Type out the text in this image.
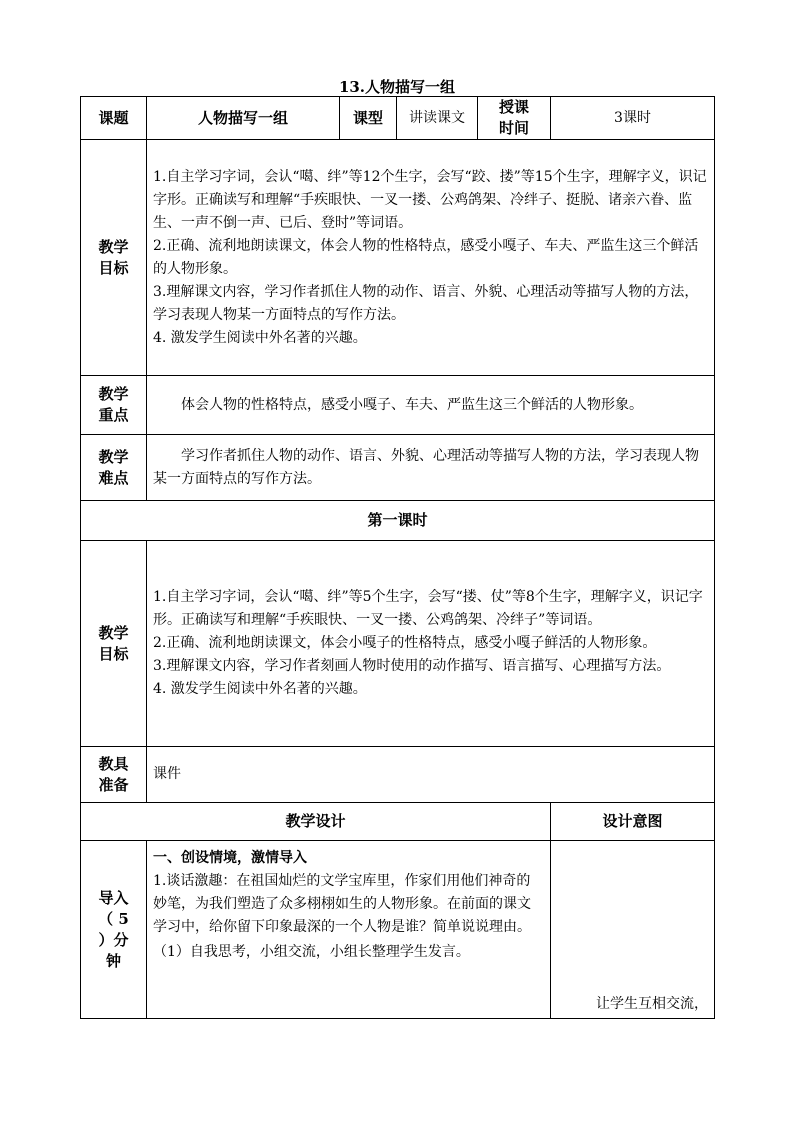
13.人物描写一组
课题	人物描写一组	课型	讲读课文	授课时间	3课时
教学目标	1.自主学习字词，会认“噶、绊”等12个生字，会写“跤、搂”等15个生字，理解字义，识记字形。正确读写和理解“手疾眼快、一叉一搂、公鸡鸽架、冷绊子、挺脱、诸亲六眷、监生、一声不倒一声、已后、登时”等词语。
2.正确、流利地朗读课文，体会人物的性格特点，感受小嘎子、车夫、严监生这三个鲜活的人物形象。
3.理解课文内容，学习作者抓住人物的动作、语言、外貌、心理活动等描写人物的方法，学习表现人物某一方面特点的写作方法。
4. 激发学生阅读中外名著的兴趣。				

教学重点	体会人物的性格特点，感受小嘎子、车夫、严监生这三个鲜活的人物形象。				
教学难点	学习作者抓住人物的动作、语言、外貌、心理活动等描写人物的方法，学习表现人物某一方面特点的写作方法。				
第一课时					
教学目标	1.自主学习字词，会认“噶、绊”等5个生字，会写“搂、仗”等8个生字，理解字义，识记字形。正确读写和理解“手疾眼快、一叉一搂、公鸡鸽架、冷绊子”等词语。
2.正确、流利地朗读课文，体会小嘎子的性格特点，感受小嘎子鲜活的人物形象。
3.理解课文内容，学习作者刻画人物时使用的动作描写、语言描写、心理描写方法。
4. 激发学生阅读中外名著的兴趣。				

教具准备	课件				
教学设计					设计意图
导入（ 5 ）分钟	一、创设情境，激情导入
1.谈话激趣：在祖国灿烂的文学宝库里，作家们用他们神奇的妙笔，为我们塑造了众多栩栩如生的人物形象。在前面的课文学习中，给你留下印象最深的一个人物是谁？简单说说理由。
（1）自我思考，小组交流，小组长整理学生发言。				让学生互相交流，
